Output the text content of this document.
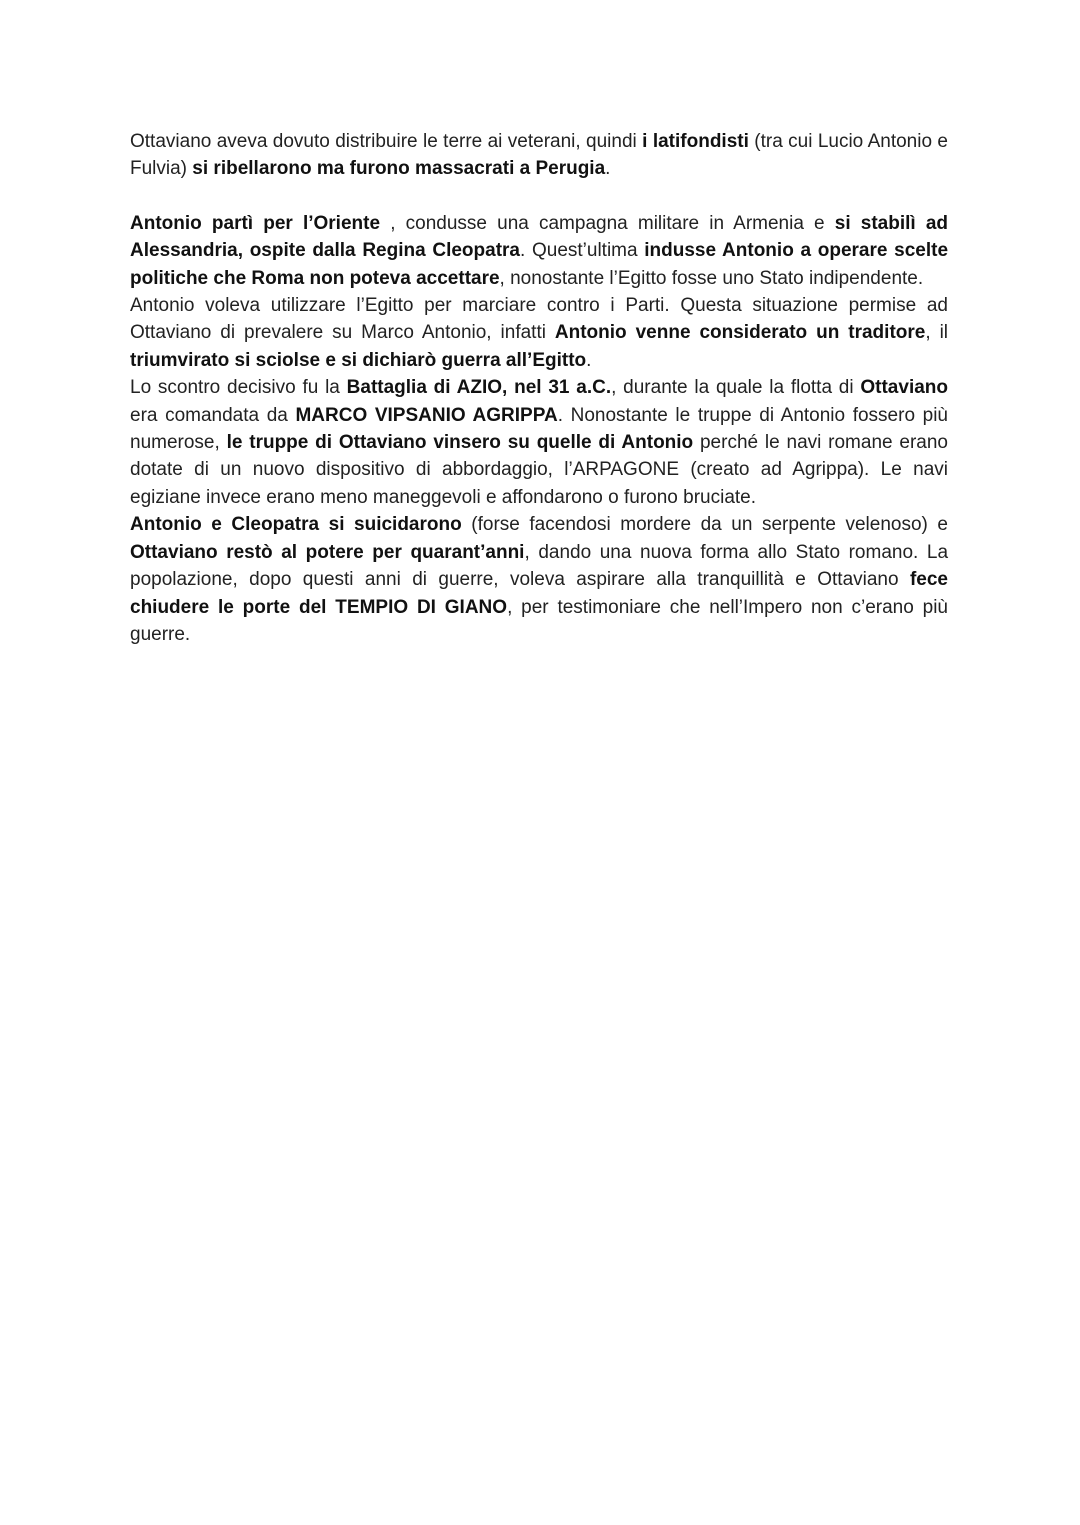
Ottaviano aveva dovuto distribuire le terre ai veterani, quindi i latifondisti (tra cui Lucio Antonio e Fulvia) si ribellarono ma furono massacrati a Perugia.

Antonio partì per l’Oriente , condusse una campagna militare in Armenia e si stabilì ad Alessandria, ospite dalla Regina Cleopatra. Quest’ultima indusse Antonio a operare scelte politiche che Roma non poteva accettare, nonostante l’Egitto fosse uno Stato indipendente.

Antonio voleva utilizzare l’Egitto per marciare contro i Parti. Questa situazione permise ad Ottaviano di prevalere su Marco Antonio, infatti Antonio venne considerato un traditore, il triumvirato si sciolse e si dichiarò guerra all’Egitto.

Lo scontro decisivo fu la Battaglia di AZIO, nel 31 a.C., durante la quale la flotta di Ottaviano era comandata da MARCO VIPSANIO AGRIPPA. Nonostante le truppe di Antonio fossero più numerose, le truppe di Ottaviano vinsero su quelle di Antonio perché le navi romane erano dotate di un nuovo dispositivo di abbordaggio, l’ARPAGONE (creato ad Agrippa). Le navi egiziane invece erano meno maneggevoli e affondarono o furono bruciate.

Antonio e Cleopatra si suicidarono (forse facendosi mordere da un serpente velenoso) e Ottaviano restò al potere per quarant’anni, dando una nuova forma allo Stato romano. La popolazione, dopo questi anni di guerre, voleva aspirare alla tranquillità e Ottaviano fece chiudere le porte del TEMPIO DI GIANO, per testimoniare che nell’Impero non c’erano più guerre.
